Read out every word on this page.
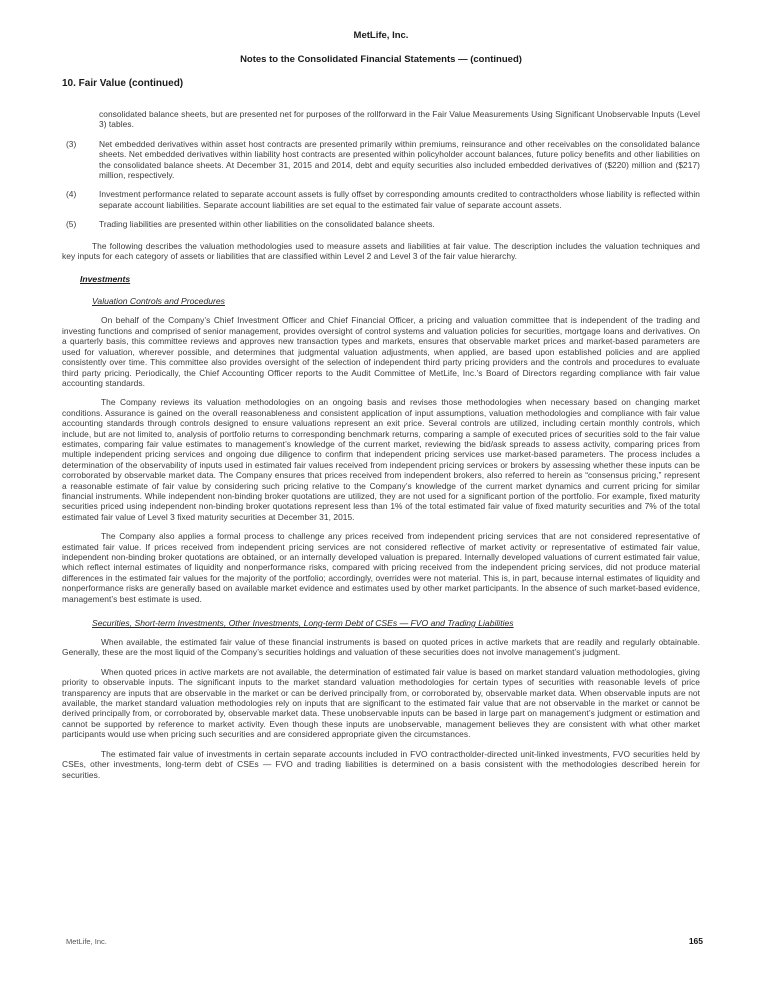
MetLife, Inc.
Notes to the Consolidated Financial Statements — (continued)
10. Fair Value (continued)

consolidated balance sheets, but are presented net for purposes of the rollforward in the Fair Value Measurements Using Significant Unobservable Inputs (Level 3) tables.

(3)	Net embedded derivatives within asset host contracts are presented primarily within premiums, reinsurance and other receivables on the consolidated balance sheets. Net embedded derivatives within liability host contracts are presented within policyholder account balances, future policy benefits and other liabilities on the consolidated balance sheets. At December 31, 2015 and 2014, debt and equity securities also included embedded derivatives of ($220) million and ($217) million, respectively.

(4)	Investment performance related to separate account assets is fully offset by corresponding amounts credited to contractholders whose liability is reflected within separate account liabilities. Separate account liabilities are set equal to the estimated fair value of separate account assets.

(5)	Trading liabilities are presented within other liabilities on the consolidated balance sheets.

The following describes the valuation methodologies used to measure assets and liabilities at fair value. The description includes the valuation techniques and key inputs for each category of assets or liabilities that are classified within Level 2 and Level 3 of the fair value hierarchy.

Investments
Valuation Controls and Procedures

On behalf of the Company’s Chief Investment Officer and Chief Financial Officer, a pricing and valuation committee that is independent of the trading and investing functions and comprised of senior management, provides oversight of control systems and valuation policies for securities, mortgage loans and derivatives. On a quarterly basis, this committee reviews and approves new transaction types and markets, ensures that observable market prices and market-based parameters are used for valuation, wherever possible, and determines that judgmental valuation adjustments, when applied, are based upon established policies and are applied consistently over time. This committee also provides oversight of the selection of independent third party pricing providers and the controls and procedures to evaluate third party pricing. Periodically, the Chief Accounting Officer reports to the Audit Committee of MetLife, Inc.’s Board of Directors regarding compliance with fair value accounting standards.

The Company reviews its valuation methodologies on an ongoing basis and revises those methodologies when necessary based on changing market conditions. Assurance is gained on the overall reasonableness and consistent application of input assumptions, valuation methodologies and compliance with fair value accounting standards through controls designed to ensure valuations represent an exit price. Several controls are utilized, including certain monthly controls, which include, but are not limited to, analysis of portfolio returns to corresponding benchmark returns, comparing a sample of executed prices of securities sold to the fair value estimates, comparing fair value estimates to management’s knowledge of the current market, reviewing the bid/ask spreads to assess activity, comparing prices from multiple independent pricing services and ongoing due diligence to confirm that independent pricing services use market-based parameters. The process includes a determination of the observability of inputs used in estimated fair values received from independent pricing services or brokers by assessing whether these inputs can be corroborated by observable market data. The Company ensures that prices received from independent brokers, also referred to herein as “consensus pricing,” represent a reasonable estimate of fair value by considering such pricing relative to the Company’s knowledge of the current market dynamics and current pricing for similar financial instruments. While independent non-binding broker quotations are utilized, they are not used for a significant portion of the portfolio. For example, fixed maturity securities priced using independent non-binding broker quotations represent less than 1% of the total estimated fair value of fixed maturity securities and 7% of the total estimated fair value of Level 3 fixed maturity securities at December 31, 2015.

The Company also applies a formal process to challenge any prices received from independent pricing services that are not considered representative of estimated fair value. If prices received from independent pricing services are not considered reflective of market activity or representative of estimated fair value, independent non-binding broker quotations are obtained, or an internally developed valuation is prepared. Internally developed valuations of current estimated fair value, which reflect internal estimates of liquidity and nonperformance risks, compared with pricing received from the independent pricing services, did not produce material differences in the estimated fair values for the majority of the portfolio; accordingly, overrides were not material. This is, in part, because internal estimates of liquidity and nonperformance risks are generally based on available market evidence and estimates used by other market participants. In the absence of such market-based evidence, management’s best estimate is used.

Securities, Short-term Investments, Other Investments, Long-term Debt of CSEs — FVO and Trading Liabilities

When available, the estimated fair value of these financial instruments is based on quoted prices in active markets that are readily and regularly obtainable. Generally, these are the most liquid of the Company’s securities holdings and valuation of these securities does not involve management’s judgment.

When quoted prices in active markets are not available, the determination of estimated fair value is based on market standard valuation methodologies, giving priority to observable inputs. The significant inputs to the market standard valuation methodologies for certain types of securities with reasonable levels of price transparency are inputs that are observable in the market or can be derived principally from, or corroborated by, observable market data. When observable inputs are not available, the market standard valuation methodologies rely on inputs that are significant to the estimated fair value that are not observable in the market or cannot be derived principally from, or corroborated by, observable market data. These unobservable inputs can be based in large part on management’s judgment or estimation and cannot be supported by reference to market activity. Even though these inputs are unobservable, management believes they are consistent with what other market participants would use when pricing such securities and are considered appropriate given the circumstances.

The estimated fair value of investments in certain separate accounts included in FVO contractholder-directed unit-linked investments, FVO securities held by CSEs, other investments, long-term debt of CSEs — FVO and trading liabilities is determined on a basis consistent with the methodologies described herein for securities.

MetLife, Inc.	165
